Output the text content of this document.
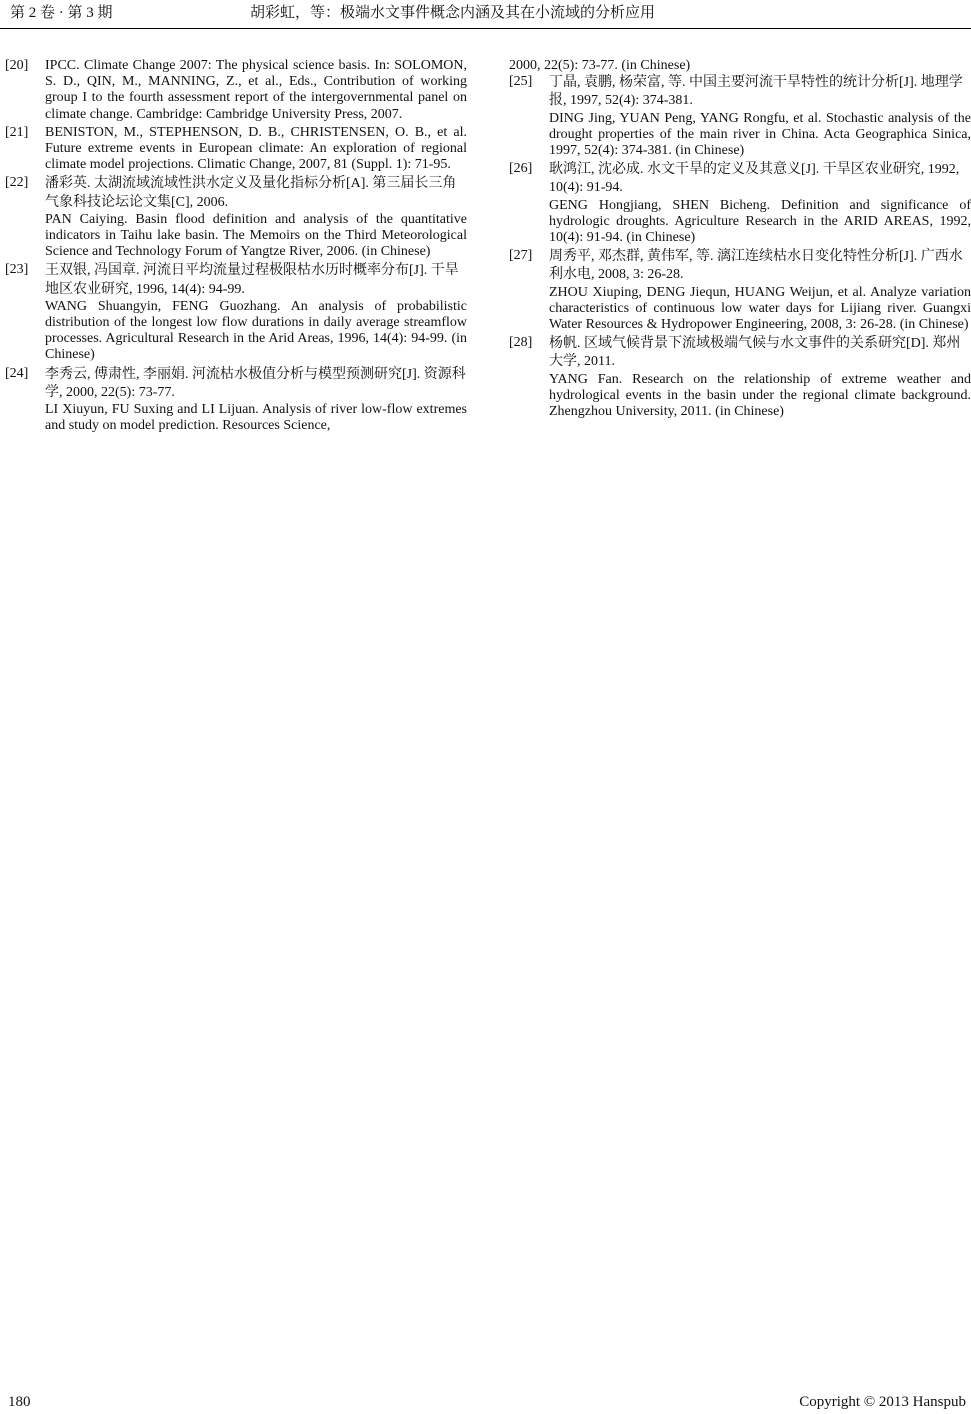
第 2 卷 · 第 3 期	胡彩虹，等：极端水文事件概念内涵及其在小流域的分析应用
[20] IPCC. Climate Change 2007: The physical science basis. In: SOLOMON, S. D., QIN, M., MANNING, Z., et al., Eds., Contribution of working group I to the fourth assessment report of the intergovernmental panel on climate change. Cambridge: Cambridge University Press, 2007.
[21] BENISTON, M., STEPHENSON, D. B., CHRISTENSEN, O. B., et al. Future extreme events in European climate: An exploration of regional climate model projections. Climatic Change, 2007, 81 (Suppl. 1): 71-95.
[22] 潘彩英. 太湖流域流域性洪水定义及量化指标分析[A]. 第三届长三角气象科技论坛论文集[C], 2006.
PAN Caiying. Basin flood definition and analysis of the quantitative indicators in Taihu lake basin. The Memoirs on the Third Meteorological Science and Technology Forum of Yangtze River, 2006. (in Chinese)
[23] 王双银, 冯国章. 河流日平均流量过程极限枯水历时概率分布[J]. 干旱地区农业研究, 1996, 14(4): 94-99.
WANG Shuangyin, FENG Guozhang. An analysis of probabilistic distribution of the longest low flow durations in daily average streamflow processes. Agricultural Research in the Arid Areas, 1996, 14(4): 94-99. (in Chinese)
[24] 李秀云, 傅肃性, 李丽娟. 河流枯水极值分析与模型预测研究[J]. 资源科学, 2000, 22(5): 73-77.
LI Xiuyun, FU Suxing and LI Lijuan. Analysis of river low-flow extremes and study on model prediction. Resources Science,
2000, 22(5): 73-77. (in Chinese)
[25] 丁晶, 袁鹏, 杨荣富, 等. 中国主要河流干旱特性的统计分析[J]. 地理学报, 1997, 52(4): 374-381.
DING Jing, YUAN Peng, YANG Rongfu, et al. Stochastic analysis of the drought properties of the main river in China. Acta Geographica Sinica, 1997, 52(4): 374-381. (in Chinese)
[26] 耿鸿江, 沈必成. 水文干旱的定义及其意义[J]. 干旱区农业研究, 1992, 10(4): 91-94.
GENG Hongjiang, SHEN Bicheng. Definition and significance of hydrologic droughts. Agriculture Research in the ARID AREAS, 1992, 10(4): 91-94. (in Chinese)
[27] 周秀平, 邓杰群, 黄伟军, 等. 漓江连续枯水日变化特性分析[J]. 广西水利水电, 2008, 3: 26-28.
ZHOU Xiuping, DENG Jiequn, HUANG Weijun, et al. Analyze variation characteristics of continuous low water days for Lijiang river. Guangxi Water Resources & Hydropower Engineering, 2008, 3: 26-28. (in Chinese)
[28] 杨帆. 区域气候背景下流域极端气候与水文事件的关系研究[D]. 郑州大学, 2011.
YANG Fan. Research on the relationship of extreme weather and hydrological events in the basin under the regional climate background. Zhengzhou University, 2011. (in Chinese)
180	Copyright © 2013 Hanspub
